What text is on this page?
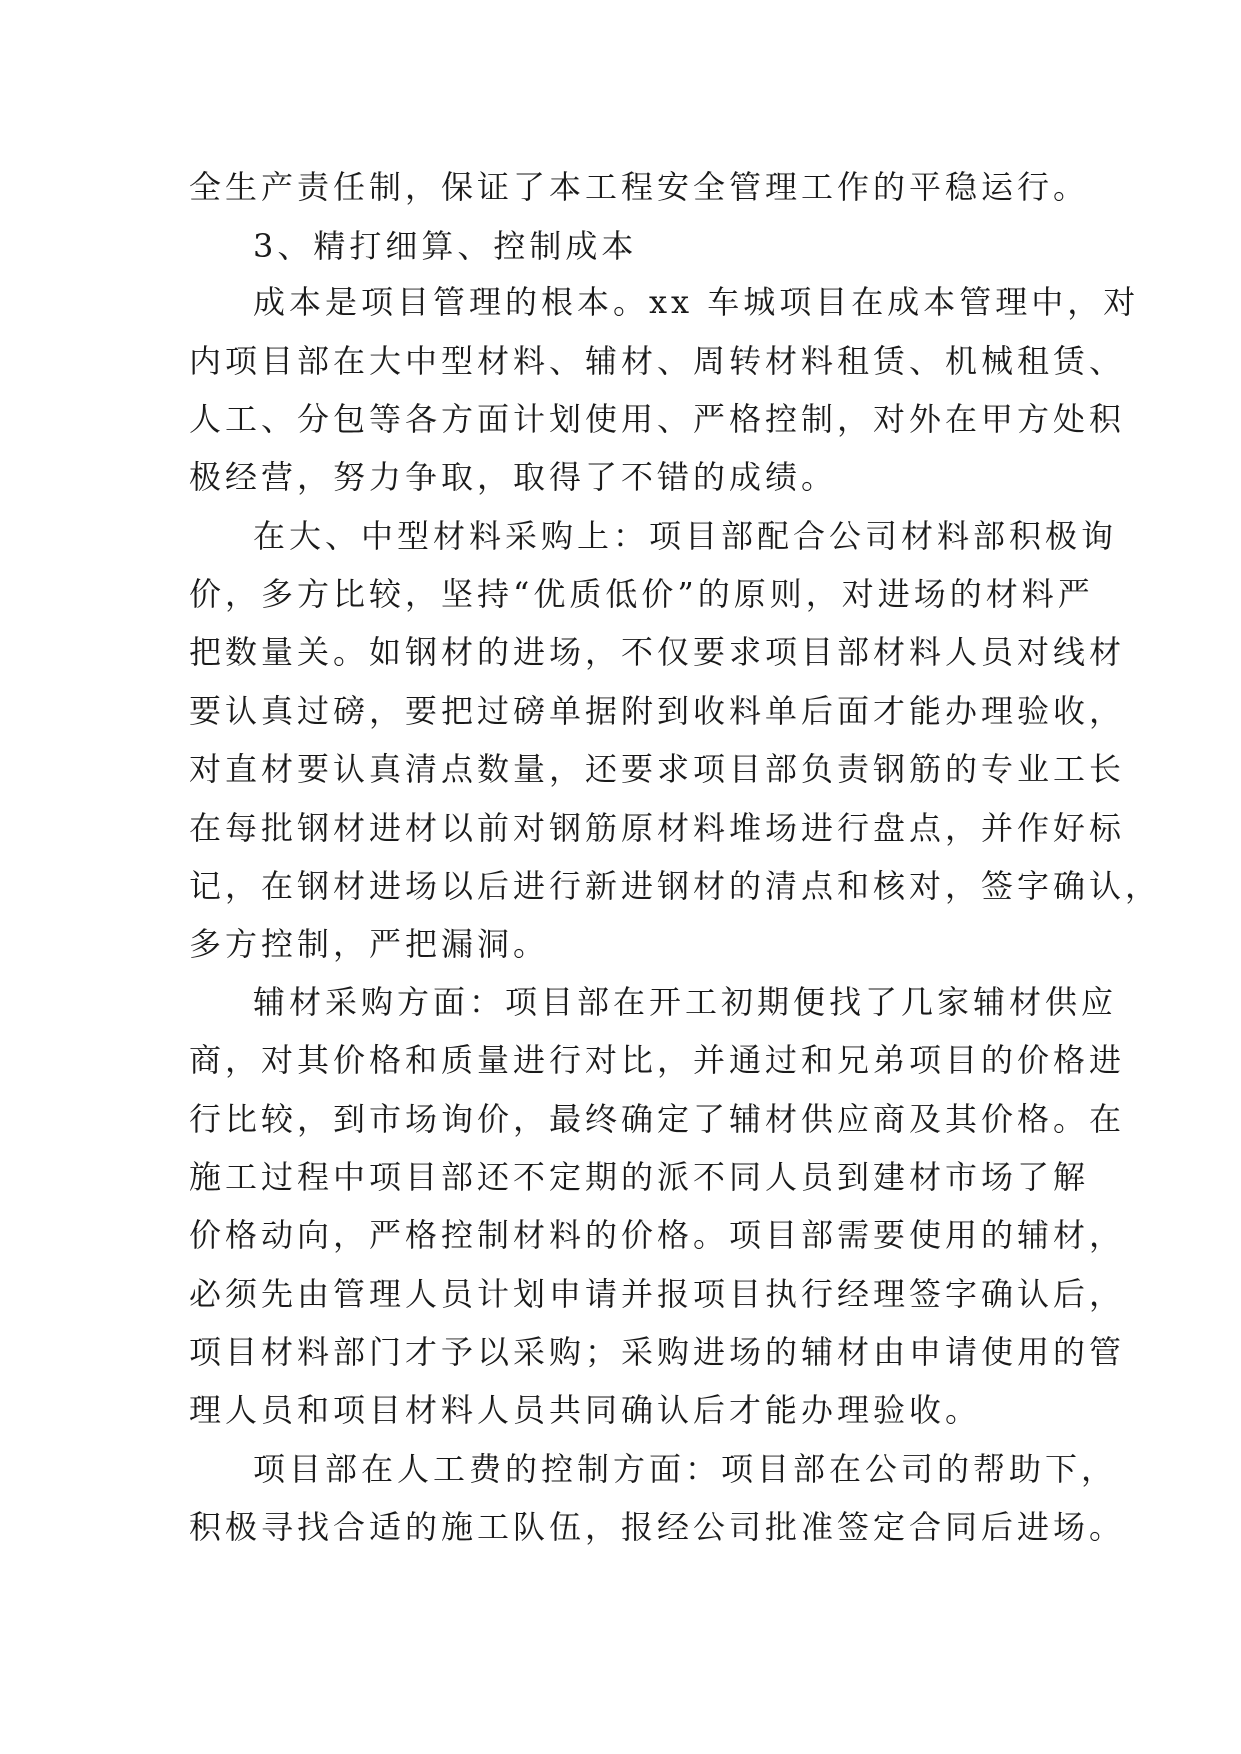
全生产责任制，保证了本工程安全管理工作的平稳运行。
3、精打细算、控制成本
成本是项目管理的根本。xx 车城项目在成本管理中，对
内项目部在大中型材料、辅材、周转材料租赁、机械租赁、
人工、分包等各方面计划使用、严格控制，对外在甲方处积
极经营，努力争取，取得了不错的成绩。
在大、中型材料采购上：项目部配合公司材料部积极询
价，多方比较，坚持“优质低价”的原则，对进场的材料严
把数量关。如钢材的进场，不仅要求项目部材料人员对线材
要认真过磅，要把过磅单据附到收料单后面才能办理验收，
对直材要认真清点数量，还要求项目部负责钢筋的专业工长
在每批钢材进材以前对钢筋原材料堆场进行盘点，并作好标
记，在钢材进场以后进行新进钢材的清点和核对，签字确认，
多方控制，严把漏洞。
辅材采购方面：项目部在开工初期便找了几家辅材供应
商，对其价格和质量进行对比，并通过和兄弟项目的价格进
行比较，到市场询价，最终确定了辅材供应商及其价格。在
施工过程中项目部还不定期的派不同人员到建材市场了解
价格动向，严格控制材料的价格。项目部需要使用的辅材，
必须先由管理人员计划申请并报项目执行经理签字确认后，
项目材料部门才予以采购；采购进场的辅材由申请使用的管
理人员和项目材料人员共同确认后才能办理验收。
项目部在人工费的控制方面：项目部在公司的帮助下，
积极寻找合适的施工队伍，报经公司批准签定合同后进场。
